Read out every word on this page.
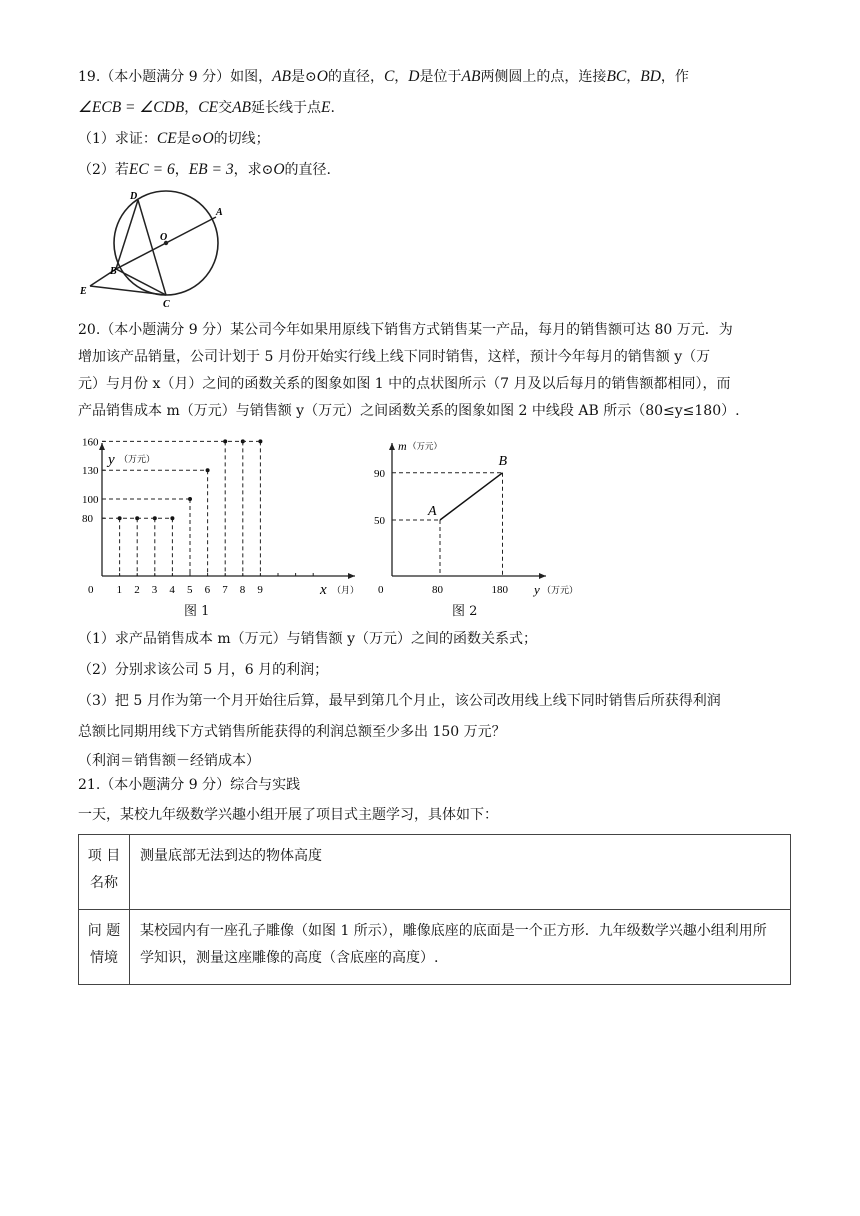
19.（本小题满分 9 分）如图，AB是⊙O的直径，C，D是位于AB两侧圆上的点，连接BC，BD，作
∠ECB = ∠CDB，CE交AB延长线于点E.
（1）求证：CE是⊙O的切线；
（2）若EC = 6，EB = 3，求⊙O的直径.
D
A
O
B
E
C
20.（本小题满分 9 分）某公司今年如果用原线下销售方式销售某一产品，每月的销售额可达 80 万元．为
增加该产品销量，公司计划于 5 月份开始实行线上线下同时销售，这样，预计今年每月的销售额 y（万
元）与月份 x（月）之间的函数关系的图象如图 1 中的点状图所示（7 月及以后每月的销售额都相同），而
产品销售成本 m（万元）与销售额 y（万元）之间函数关系的图象如图 2 中线段 AB 所示（80≤y≤180）.
0 1 2 3 4 5 6 7 8 9
80
100
130
160
x （月）
y （万元）
图 1
0	80	180
50
90
A
B
y （万元）
m （万元）
图 2
（1）求产品销售成本 m（万元）与销售额 y（万元）之间的函数关系式；
（2）分别求该公司 5 月，6 月的利润；
（3）把 5 月作为第一个月开始往后算，最早到第几个月止，该公司改用线上线下同时销售后所获得利润
总额比同期用线下方式销售所能获得的利润总额至少多出 150 万元？
（利润＝销售额－经销成本）
21.（本小题满分 9 分）综合与实践
一天，某校九年级数学兴趣小组开展了项目式主题学习，具体如下：
项 目
名称	测量底部无法到达的物体高度
问 题
情境	某校园内有一座孔子雕像（如图 1 所示），雕像底座的底面是一个正方形．九年级数学兴趣小组利用所学知识，测量这座雕像的高度（含底座的高度）.
